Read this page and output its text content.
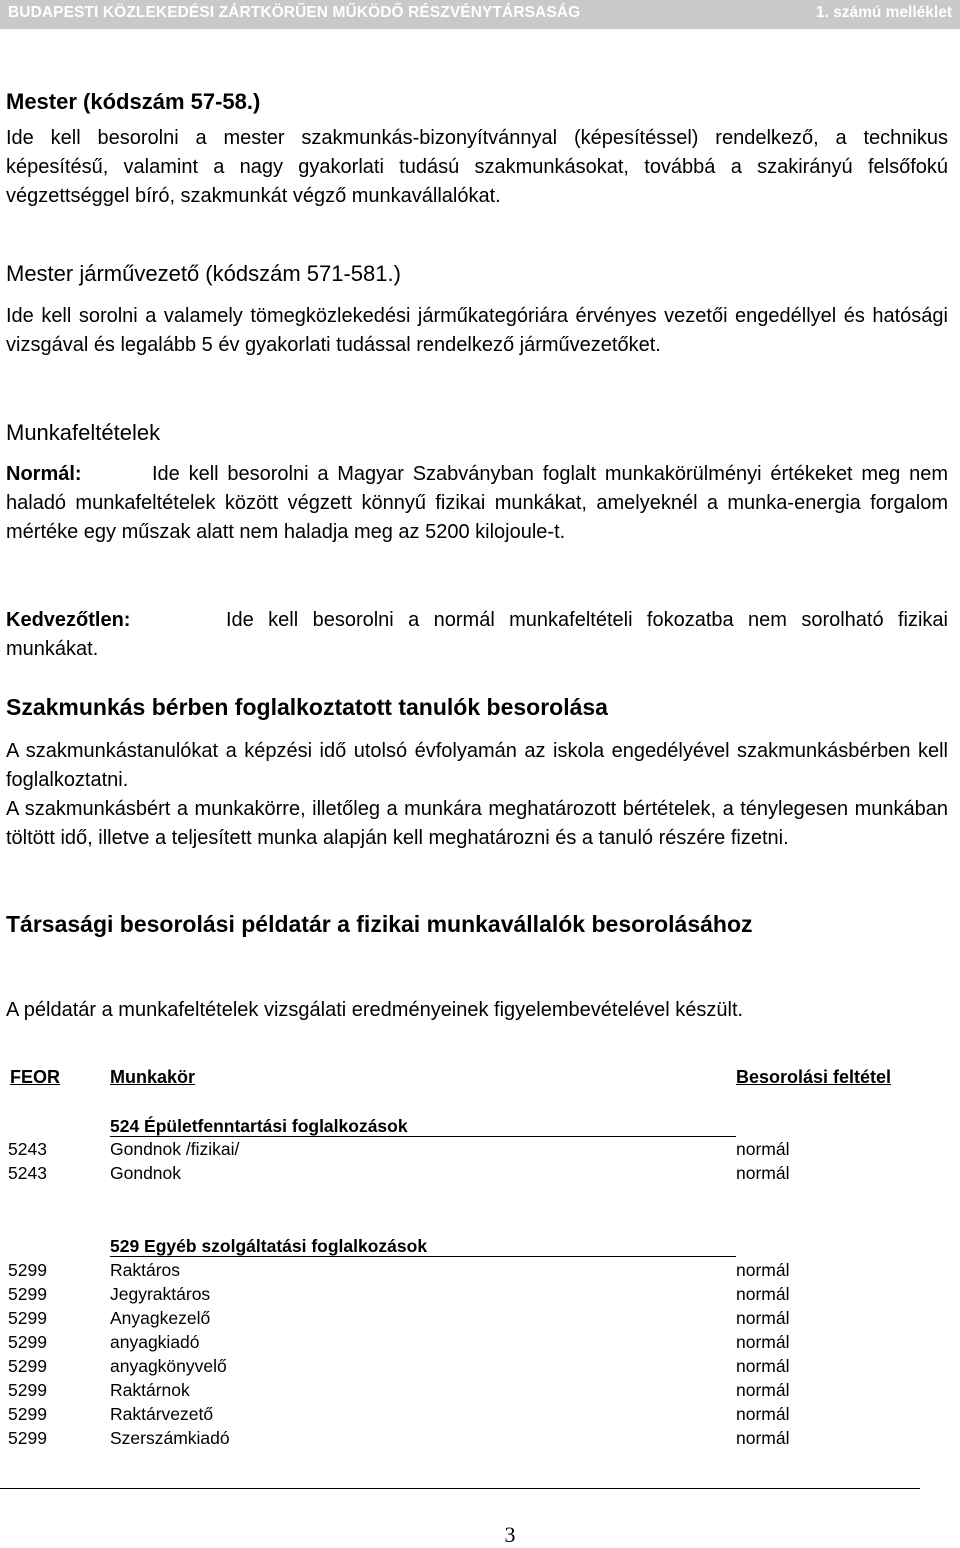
BUDAPESTI KÖZLEKEDÉSI ZÁRTKÖRŰEN MŰKÖDŐ RÉSZVÉNYTÁRSASÁG	1. számú melléklet
Mester (kódszám 57-58.)
Ide kell besorolni a mester szakmunkás-bizonyítvánnyal (képesítéssel) rendelkező, a technikus képesítésű, valamint a nagy gyakorlati tudású szakmunkásokat, továbbá a szakirányú felsőfokú végzettséggel bíró, szakmunkát végző munkavállalókat.
Mester járművezető (kódszám 571-581.)
Ide kell sorolni a valamely tömegközlekedési járműkategóriára érvényes vezetői engedéllyel és hatósági vizsgával és legalább 5 év gyakorlati tudással rendelkező járművezetőket.
Munkafeltételek
Normál:	Ide kell besorolni a Magyar Szabványban foglalt munkakörülményi értékeket meg nem haladó munkafeltételek között végzett könnyű fizikai munkákat, amelyeknél a munka-energia forgalom mértéke egy műszak alatt nem haladja meg az 5200 kilojoule-t.
Kedvezőtlen:	Ide kell besorolni a normál munkafeltételi fokozatba nem sorolható fizikai munkákat.
Szakmunkás bérben foglalkoztatott tanulók besorolása
A szakmunkástanulókat a képzési idő utolsó évfolyamán az iskola engedélyével szakmunkásbérben kell foglalkoztatni.
A szakmunkásbért a munkakörre, illetőleg a munkára meghatározott bértételek, a ténylegesen munkában töltött idő, illetve a teljesített munka alapján kell meghatározni és a tanuló részére fizetni.
Társasági besorolási példatár a fizikai munkavállalók besorolásához
A példatár a munkafeltételek vizsgálati eredményeinek figyelembevételével készült.
FEOR	Munkakör	Besorolási feltétel
524 Épületfenntartási foglalkozások
5243	Gondnok /fizikai/	normál
5243	Gondnok	normál
529 Egyéb szolgáltatási foglalkozások
5299	Raktáros	normál
5299	Jegyraktáros	normál
5299	Anyagkezelő	normál
5299	anyagkiadó	normál
5299	anyagkönyvelő	normál
5299	Raktárnok	normál
5299	Raktárvezető	normál
5299	Szerszámkiadó	normál
3
